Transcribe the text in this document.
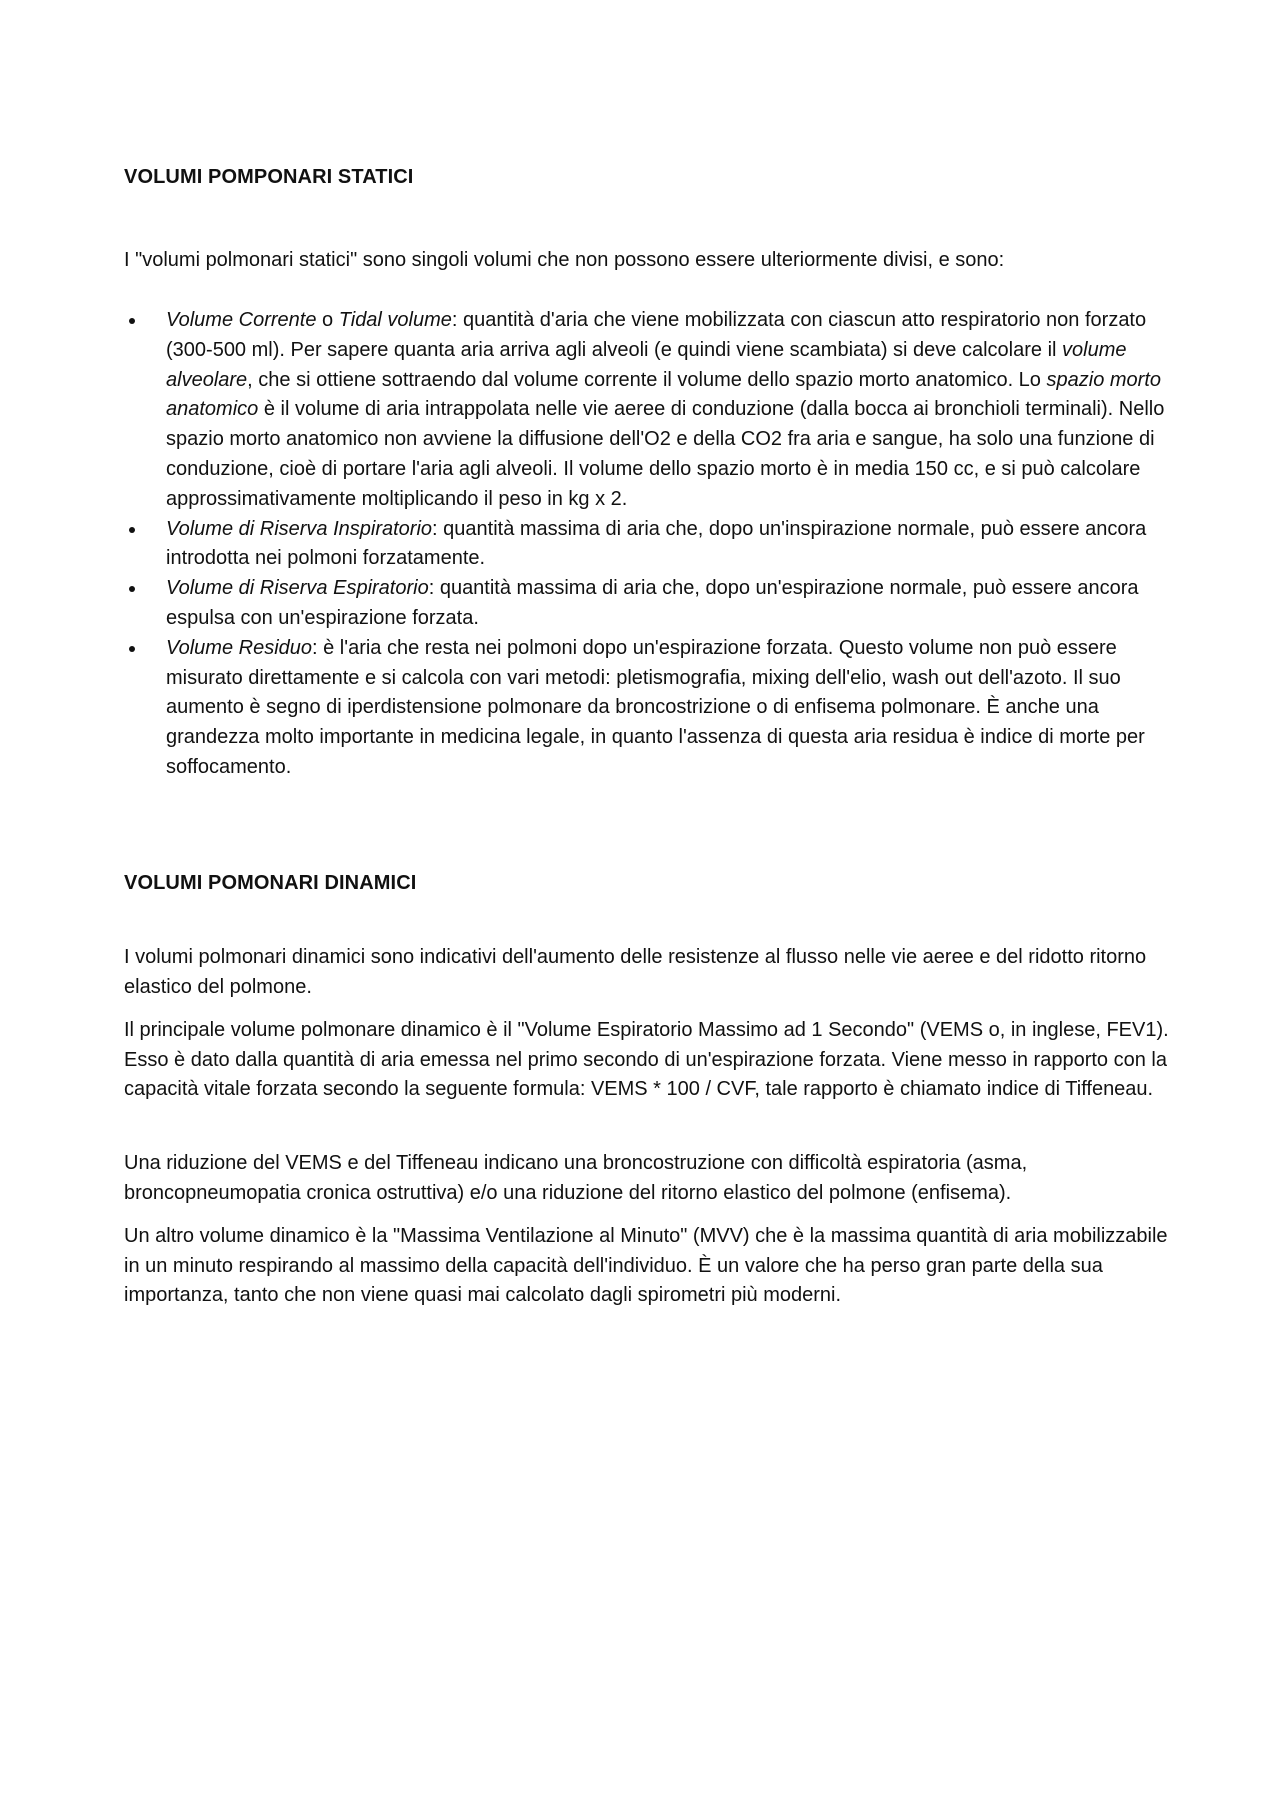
VOLUMI POMPONARI STATICI

I "volumi polmonari statici" sono singoli volumi che non possono essere ulteriormente divisi, e sono:

Volume Corrente o Tidal volume: quantità d'aria che viene mobilizzata con ciascun atto respiratorio non forzato (300-500 ml). Per sapere quanta aria arriva agli alveoli (e quindi viene scambiata) si deve calcolare il volume alveolare, che si ottiene sottraendo dal volume corrente il volume dello spazio morto anatomico. Lo spazio morto anatomico è il volume di aria intrappolata nelle vie aeree di conduzione (dalla bocca ai bronchioli terminali). Nello spazio morto anatomico non avviene la diffusione dell'O2 e della CO2 fra aria e sangue, ha solo una funzione di conduzione, cioè di portare l'aria agli alveoli. Il volume dello spazio morto è in media 150 cc, e si può calcolare approssimativamente moltiplicando il peso in kg x 2.
Volume di Riserva Inspiratorio: quantità massima di aria che, dopo un'inspirazione normale, può essere ancora introdotta nei polmoni forzatamente.
Volume di Riserva Espiratorio: quantità massima di aria che, dopo un'espirazione normale, può essere ancora espulsa con un'espirazione forzata.
Volume Residuo: è l'aria che resta nei polmoni dopo un'espirazione forzata. Questo volume non può essere misurato direttamente e si calcola con vari metodi: pletismografia, mixing dell'elio, wash out dell'azoto. Il suo aumento è segno di iperdistensione polmonare da broncostrizione o di enfisema polmonare. È anche una grandezza molto importante in medicina legale, in quanto l'assenza di questa aria residua è indice di morte per soffocamento.
VOLUMI POMONARI DINAMICI

I volumi polmonari dinamici sono indicativi dell'aumento delle resistenze al flusso nelle vie aeree e del ridotto ritorno elastico del polmone.

Il principale volume polmonare dinamico è il "Volume Espiratorio Massimo ad 1 Secondo" (VEMS o, in inglese, FEV1). Esso è dato dalla quantità di aria emessa nel primo secondo di un'espirazione forzata. Viene messo in rapporto con la capacità vitale forzata secondo la seguente formula: VEMS * 100 / CVF, tale rapporto è chiamato indice di Tiffeneau.

Una riduzione del VEMS e del Tiffeneau indicano una broncostruzione con difficoltà espiratoria (asma, broncopneumopatia cronica ostruttiva) e/o una riduzione del ritorno elastico del polmone (enfisema).

Un altro volume dinamico è la "Massima Ventilazione al Minuto" (MVV) che è la massima quantità di aria mobilizzabile in un minuto respirando al massimo della capacità dell'individuo. È un valore che ha perso gran parte della sua importanza, tanto che non viene quasi mai calcolato dagli spirometri più moderni.
